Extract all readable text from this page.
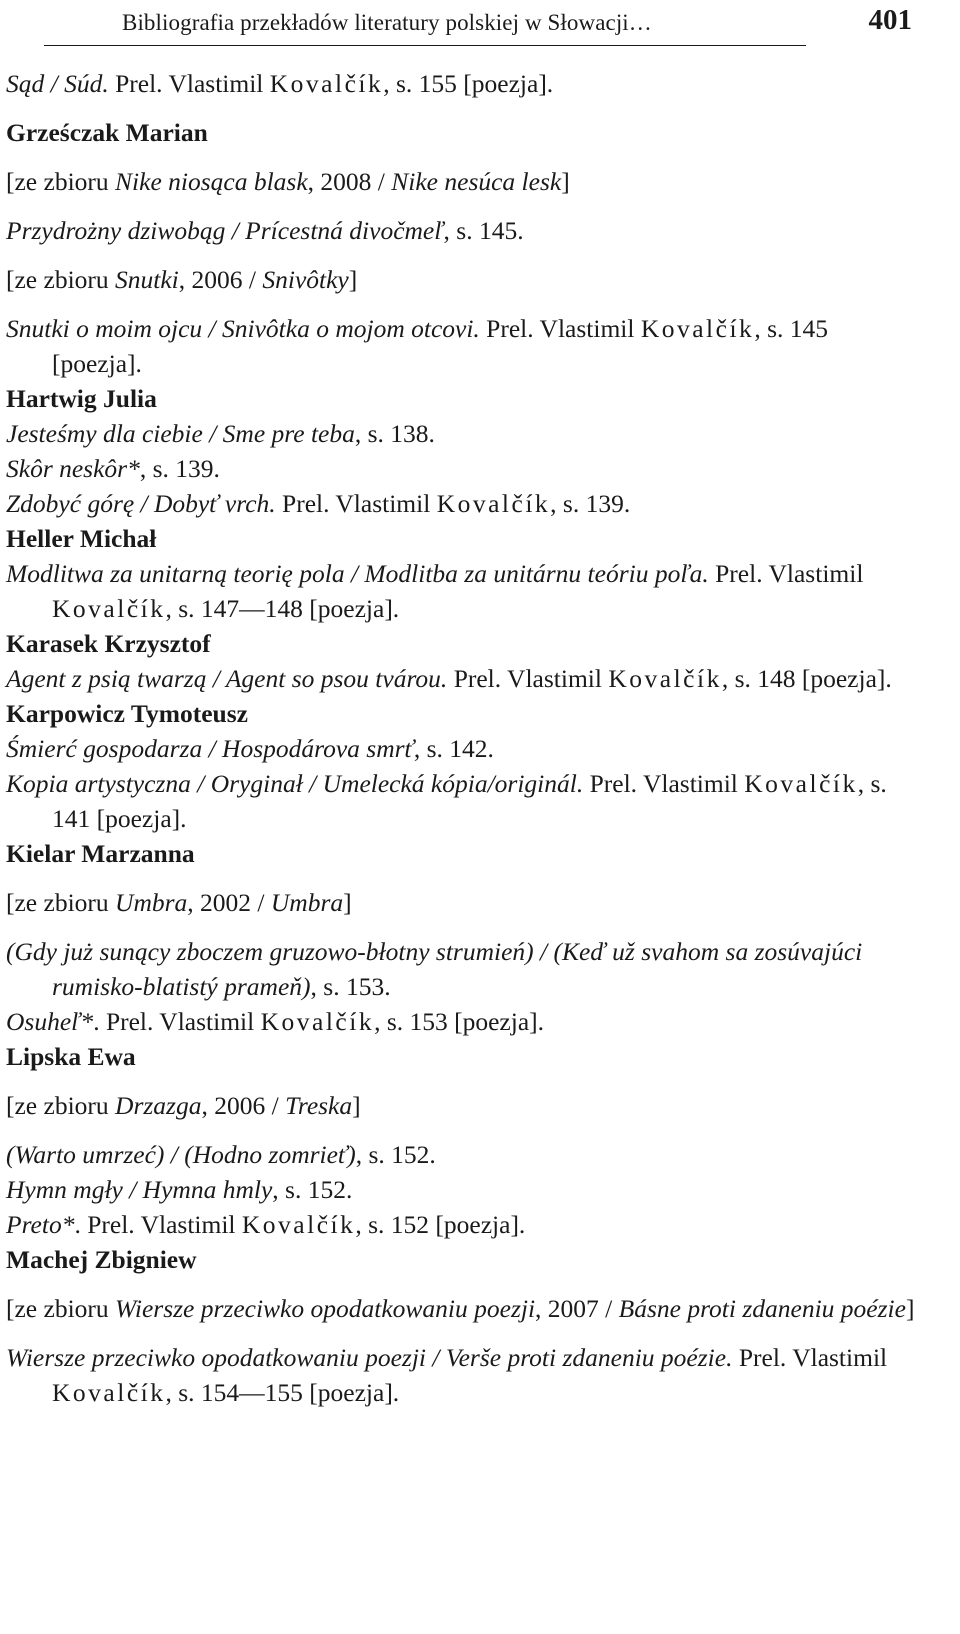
Bibliografia przekładów literatury polskiej w Słowacji…	401

Sąd / Súd. Prel. Vlastimil Kovalčík, s. 155 [poezja].

Grześczak Marian

[ze zbioru Nike niosąca blask, 2008 / Nike nesúca lesk]

Przydrożny dziwobąg / Prícestná divočmeľ, s. 145.

[ze zbioru Snutki, 2006 / Snivôtky]

Snutki o moim ojcu / Snivôtka o mojom otcovi. Prel. Vlastimil Kovalčík, s. 145 [poezja].

Hartwig Julia

Jesteśmy dla ciebie / Sme pre teba, s. 138.

Skôr neskôr*, s. 139.

Zdobyć górę / Dobyť vrch. Prel. Vlastimil Kovalčík, s. 139.

Heller Michał

Modlitwa za unitarną teorię pola / Modlitba za unitárnu teóriu poľa. Prel. Vlastimil Kovalčík, s. 147—148 [poezja].

Karasek Krzysztof

Agent z psią twarzą / Agent so psou tvárou. Prel. Vlastimil Kovalčík, s. 148 [poezja].

Karpowicz Tymoteusz

Śmierć gospodarza / Hospodárova smrť, s. 142.

Kopia artystyczna / Oryginał / Umelecká kópia/originál. Prel. Vlastimil Kovalčík, s. 141 [poezja].

Kielar Marzanna

[ze zbioru Umbra, 2002 / Umbra]

(Gdy już sunący zboczem gruzowo-błotny strumień) / (Keď už svahom sa zosúvajúci rumisko-blatistý prameň), s. 153.

Osuheľ*. Prel. Vlastimil Kovalčík, s. 153 [poezja].

Lipska Ewa

[ze zbioru Drzazga, 2006 / Treska]

(Warto umrzeć) / (Hodno zomrieť), s. 152.

Hymn mgły / Hymna hmly, s. 152.

Preto*. Prel. Vlastimil Kovalčík, s. 152 [poezja].

Machej Zbigniew

[ze zbioru Wiersze przeciwko opodatkowaniu poezji, 2007 / Básne proti zdaneniu poézie]

Wiersze przeciwko opodatkowaniu poezji / Verše proti zdaneniu poézie. Prel. Vlastimil Kovalčík, s. 154—155 [poezja].
